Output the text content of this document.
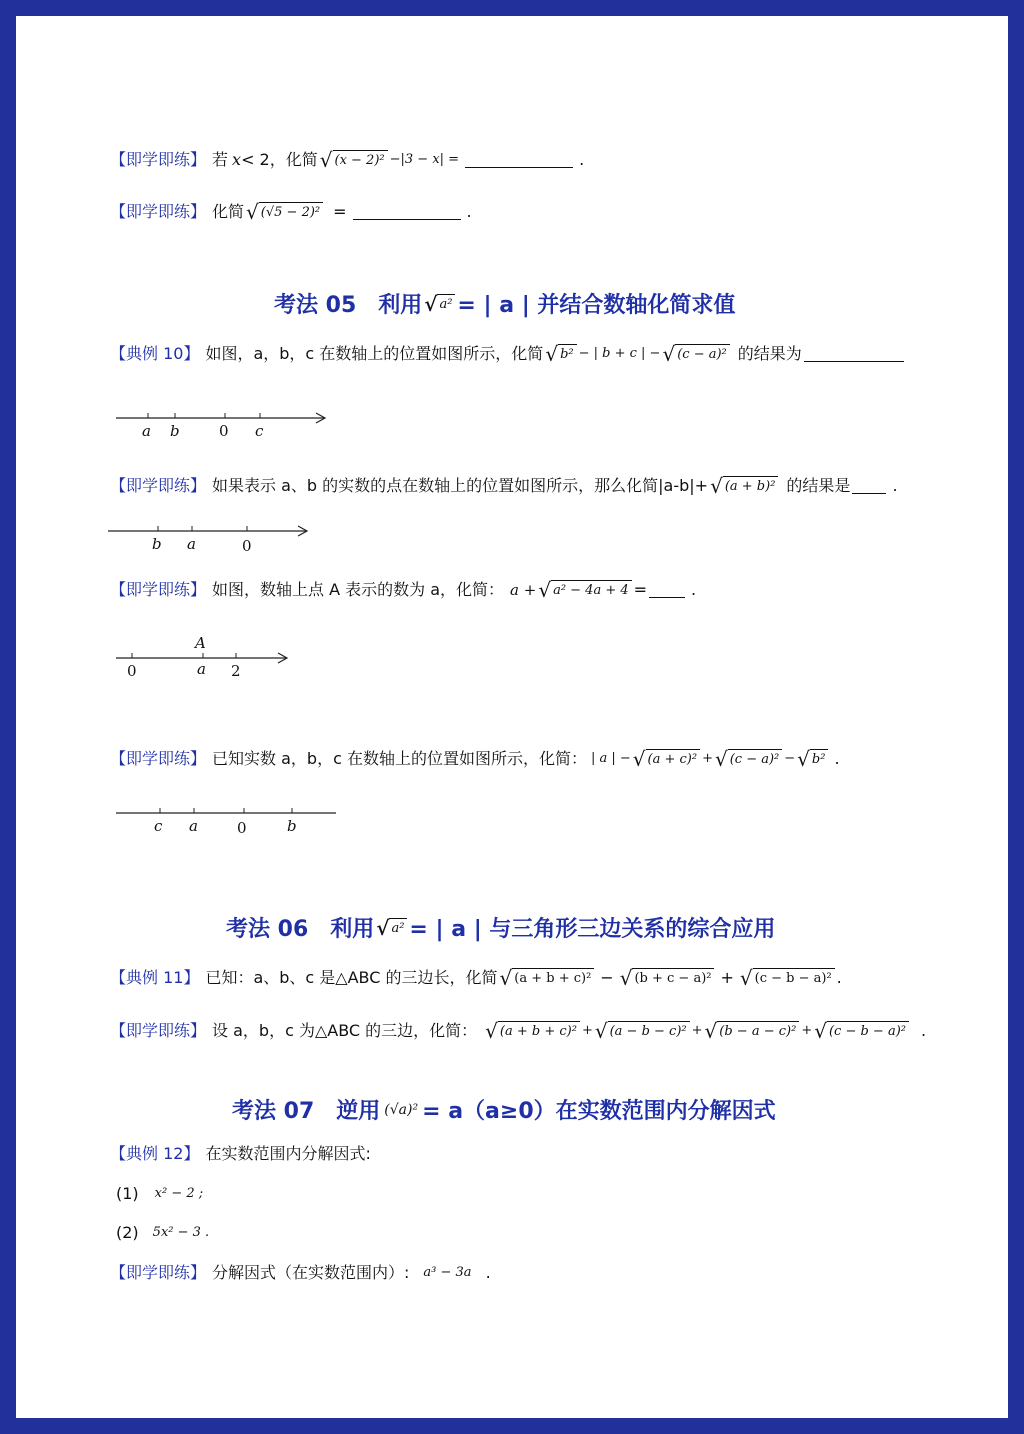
【即学即练】 若 x < 2，化简 √ (x − 2)² −|3 − x| =	.
【即学即练】 化简 √ (√5 − 2)² =	.
考法 05 利用 √ a² = | a | 并结合数轴化简求值
【典例 10】 如图，a，b，c 在数轴上的位置如图所示，化简 √ b² − | b + c | − √ (c − a)² 的结果为
a b	0 c
【即学即练】 如果表示 a、b 的实数的点在数轴上的位置如图所示，那么化简|a-b|+ √ (a + b)² 的结果是	.
b a	0
【即学即练】 如图，数轴上点 A 表示的数为 a，化简： a + √ a² − 4a + 4 =	.
A
0	a 2
【即学即练】 已知实数 a，b，c 在数轴上的位置如图所示，化简： | a | − √ (a + c)² + √ (c − a)² − √ b² .
c a	0	b
考法 06 利用 √ a² = | a | 与三角形三边关系的综合应用
【典例 11】 已知：a、b、c 是△ABC 的三边长，化简 √ (a + b + c)² − √ (b + c − a)² + √ (c − b − a)² .
【即学即练】 设 a，b，c 为△ABC 的三边，化简： √ (a + b + c)² + √ (a − b − c)² + √ (b − a − c)² + √ (c − b − a)² .
考法 07 逆用 (√a)² = a（a≥0）在实数范围内分解因式
【典例 12】 在实数范围内分解因式:
(1) x² − 2 ;
(2) 5x² − 3 .
【即学即练】 分解因式（在实数范围内）: a³ − 3a .
